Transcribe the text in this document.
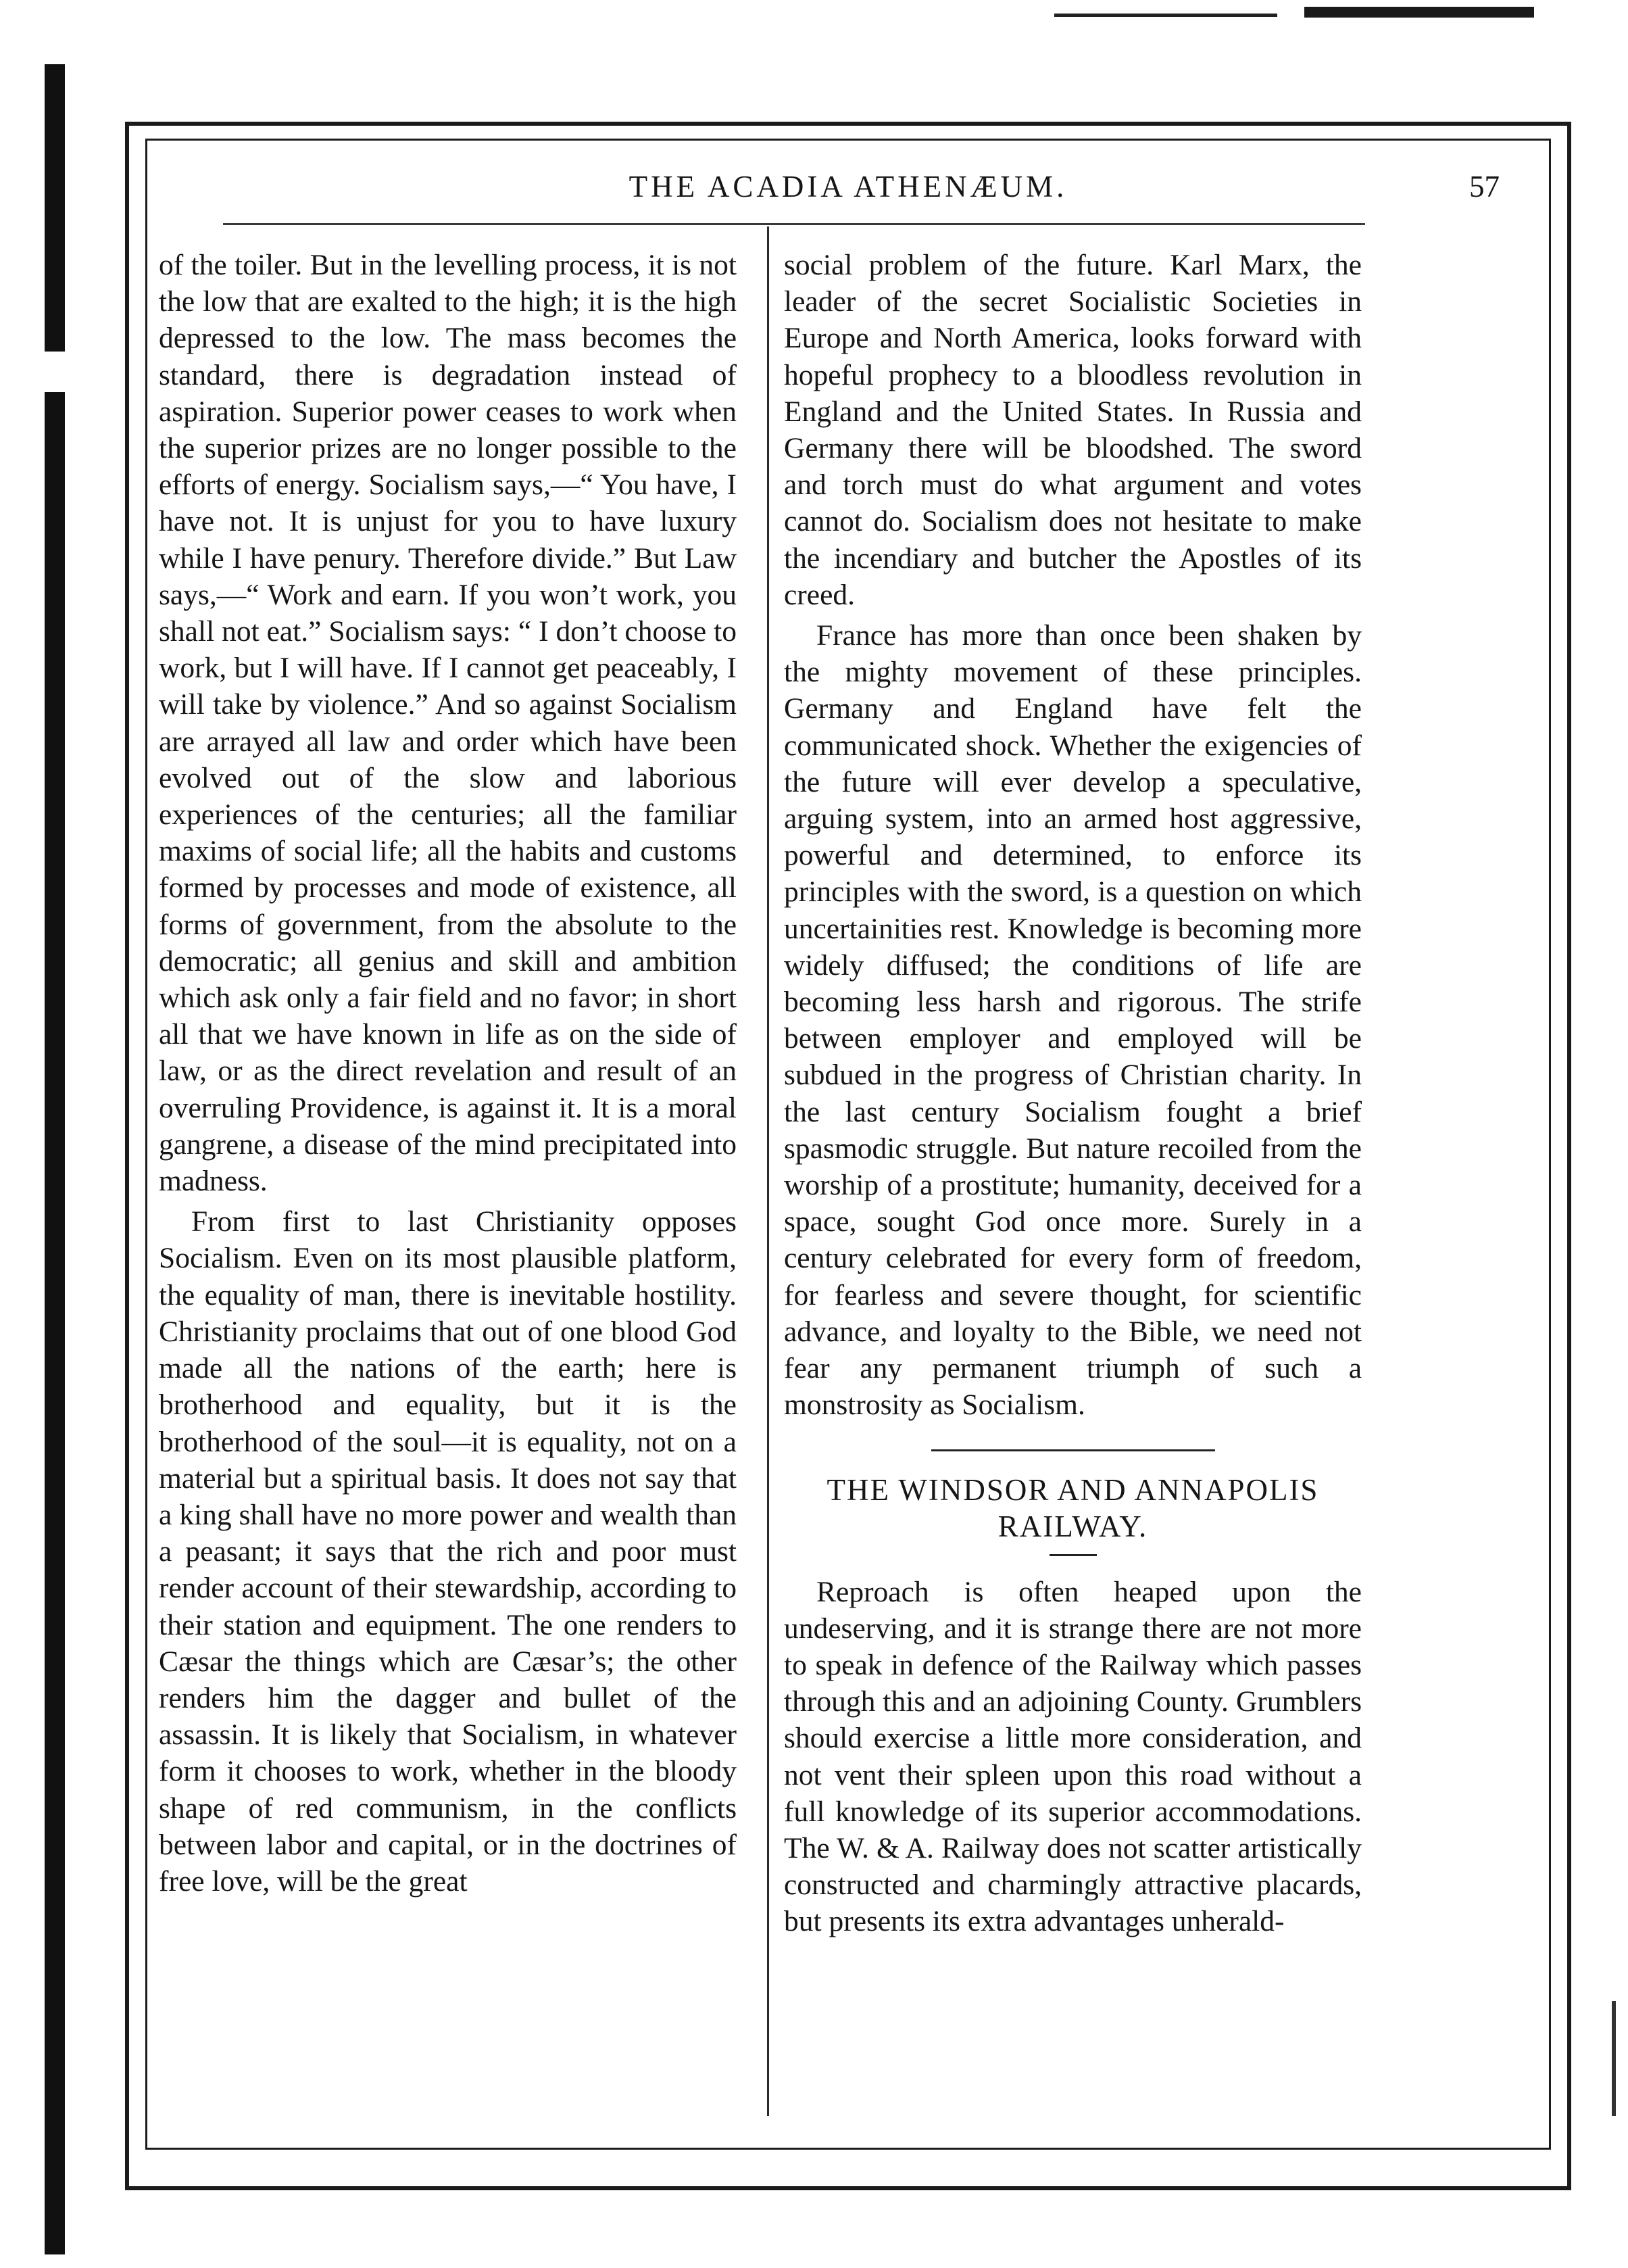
THE ACADIA ATHENÆUM.	57

of the toiler. But in the levelling process, it is not the low that are exalted to the high; it is the high depressed to the low. The mass becomes the standard, there is degradation instead of aspiration. Superior power ceases to work when the superior prizes are no longer possible to the efforts of energy. Socialism says,—“ You have, I have not. It is unjust for you to have luxury while I have penury. Therefore divide.” But Law says,—“ Work and earn. If you won’t work, you shall not eat.” Socialism says: “ I don’t choose to work, but I will have. If I cannot get peaceably, I will take by violence.” And so against Socialism are arrayed all law and order which have been evolved out of the slow and laborious experiences of the centuries; all the familiar maxims of social life; all the habits and customs formed by processes and mode of existence, all forms of government, from the absolute to the democratic; all genius and skill and ambition which ask only a fair field and no favor; in short all that we have known in life as on the side of law, or as the direct revelation and result of an overruling Providence, is against it. It is a moral gangrene, a disease of the mind precipitated into madness.

From first to last Christianity opposes Socialism. Even on its most plausible platform, the equality of man, there is inevitable hostility. Christianity proclaims that out of one blood God made all the nations of the earth; here is brotherhood and equality, but it is the brotherhood of the soul—it is equality, not on a material but a spiritual basis. It does not say that a king shall have no more power and wealth than a peasant; it says that the rich and poor must render account of their stewardship, according to their station and equipment. The one renders to Cæsar the things which are Cæsar’s; the other renders him the dagger and bullet of the assassin. It is likely that Socialism, in whatever form it chooses to work, whether in the bloody shape of red communism, in the conflicts between labor and capital, or in the doctrines of free love, will be the great

social problem of the future. Karl Marx, the leader of the secret Socialistic Societies in Europe and North America, looks forward with hopeful prophecy to a bloodless revolution in England and the United States. In Russia and Germany there will be bloodshed. The sword and torch must do what argument and votes cannot do. Socialism does not hesitate to make the incendiary and butcher the Apostles of its creed.

France has more than once been shaken by the mighty movement of these principles. Germany and England have felt the communicated shock. Whether the exigencies of the future will ever develop a speculative, arguing system, into an armed host aggressive, powerful and determined, to enforce its principles with the sword, is a question on which uncertainities rest. Knowledge is becoming more widely diffused; the conditions of life are becoming less harsh and rigorous. The strife between employer and employed will be subdued in the progress of Christian charity. In the last century Socialism fought a brief spasmodic struggle. But nature recoiled from the worship of a prostitute; humanity, deceived for a space, sought God once more. Surely in a century celebrated for every form of freedom, for fearless and severe thought, for scientific advance, and loyalty to the Bible, we need not fear any permanent triumph of such a monstrosity as Socialism.

THE WINDSOR AND ANNAPOLIS RAILWAY.

Reproach is often heaped upon the undeserving, and it is strange there are not more to speak in defence of the Railway which passes through this and an adjoining County. Grumblers should exercise a little more consideration, and not vent their spleen upon this road without a full knowledge of its superior accommodations. The W. & A. Railway does not scatter artistically constructed and charmingly attractive placards, but presents its extra advantages unherald-
